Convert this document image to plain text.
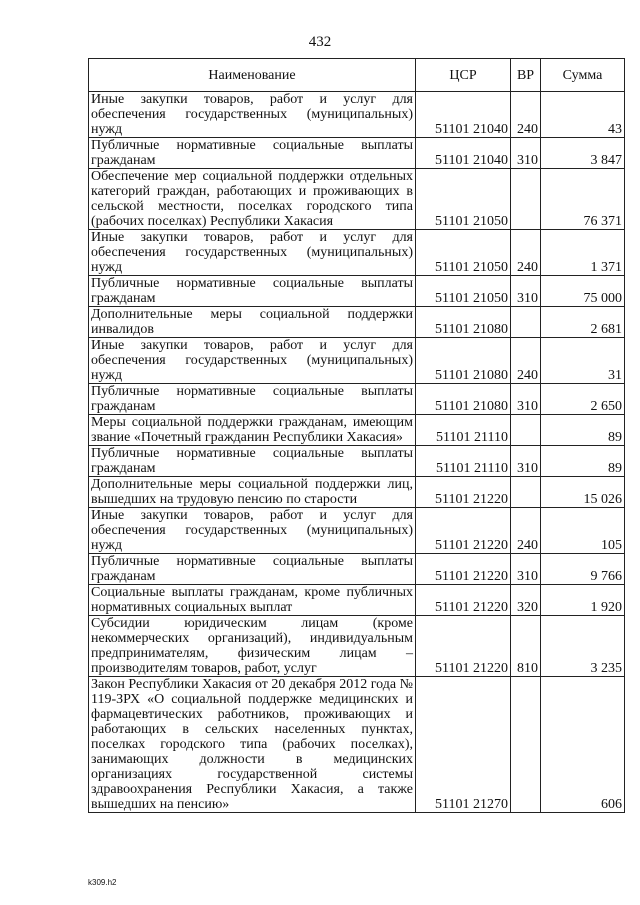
432
Наименование	ЦСР	ВР	Сумма
Иные закупки товаров, работ и услуг для обеспечения государственных (муниципальных) нужд	51101 21040	240	43
Публичные нормативные социальные выплаты гражданам	51101 21040	310	3 847
Обеспечение мер социальной поддержки отдельных категорий граждан, работающих и проживающих в сельской местности, поселках городского типа (рабочих поселках) Республики Хакасия	51101 21050		76 371
Иные закупки товаров, работ и услуг для обеспечения государственных (муниципальных) нужд	51101 21050	240	1 371
Публичные нормативные социальные выплаты гражданам	51101 21050	310	75 000
Дополнительные меры социальной поддержки инвалидов	51101 21080		2 681
Иные закупки товаров, работ и услуг для обеспечения государственных (муниципальных) нужд	51101 21080	240	31
Публичные нормативные социальные выплаты гражданам	51101 21080	310	2 650
Меры социальной поддержки гражданам, имеющим звание «Почетный гражданин Республики Хакасия»	51101 21110		89
Публичные нормативные социальные выплаты гражданам	51101 21110	310	89
Дополнительные меры социальной поддержки лиц, вышедших на трудовую пенсию по старости	51101 21220		15 026
Иные закупки товаров, работ и услуг для обеспечения государственных (муниципальных) нужд	51101 21220	240	105
Публичные нормативные социальные выплаты гражданам	51101 21220	310	9 766
Социальные выплаты гражданам, кроме публичных нормативных социальных выплат	51101 21220	320	1 920
Субсидии юридическим лицам (кроме некоммерческих организаций), индивидуальным предпринимателям, физическим лицам – производителям товаров, работ, услуг	51101 21220	810	3 235
Закон Республики Хакасия от 20 декабря 2012 года № 119-ЗРХ «О социальной поддержке медицинских и фармацевтических работников, проживающих и работающих в сельских населенных пунктах, поселках городского типа (рабочих поселках), занимающих должности в медицинских организациях государственной системы здравоохранения Республики Хакасия, а также вышедших на пенсию»	51101 21270		606
k309.h2
